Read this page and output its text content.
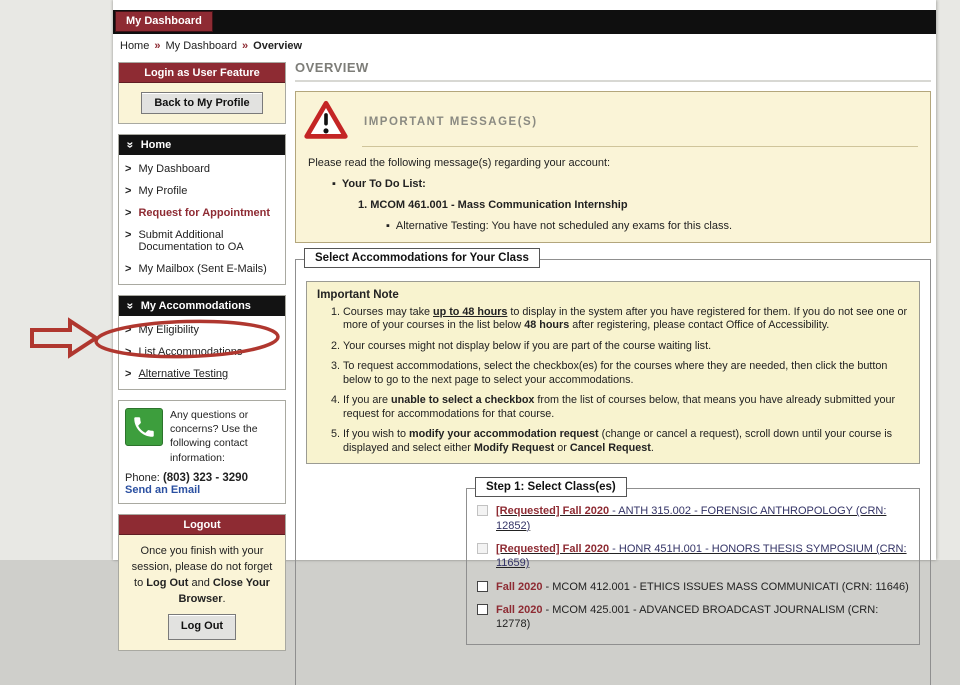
My Dashboard
Home » My Dashboard » Overview
Login as User Feature
Back to My Profile
» Home
> My Dashboard
> My Profile
> Request for Appointment
> Submit Additional Documentation to OA
> My Mailbox (Sent E-Mails)
» My Accommodations
> My Eligibility
> List Accommodations
> Alternative Testing
Any questions or concerns? Use the following contact information:
Phone: (803) 323 - 3290
Send an Email
Logout
Once you finish with your session, please do not forget to Log Out and Close Your Browser.
Log Out
OVERVIEW
IMPORTANT MESSAGE(S)
Please read the following message(s) regarding your account:
▪ Your To Do List:
1. MCOM 461.001 - Mass Communication Internship
▪ Alternative Testing: You have not scheduled any exams for this class.
Select Accommodations for Your Class
Important Note
1. Courses may take up to 48 hours to display in the system after you have registered for them. If you do not see one or more of your courses in the list below 48 hours after registering, please contact Office of Accessibility.
2. Your courses might not display below if you are part of the course waiting list.
3. To request accommodations, select the checkbox(es) for the courses where they are needed, then click the button below to go to the next page to select your accommodations.
4. If you are unable to select a checkbox from the list of courses below, that means you have already submitted your request for accommodations for that course.
5. If you wish to modify your accommodation request (change or cancel a request), scroll down until your course is displayed and select either Modify Request or Cancel Request.
Step 1: Select Class(es)
[Requested] Fall 2020 - ANTH 315.002 - FORENSIC ANTHROPOLOGY (CRN: 12852)
[Requested] Fall 2020 - HONR 451H.001 - HONORS THESIS SYMPOSIUM (CRN: 11659)
Fall 2020 - MCOM 412.001 - ETHICS ISSUES MASS COMMUNICATI (CRN: 11646)
Fall 2020 - MCOM 425.001 - ADVANCED BROADCAST JOURNALISM (CRN: 12778)
